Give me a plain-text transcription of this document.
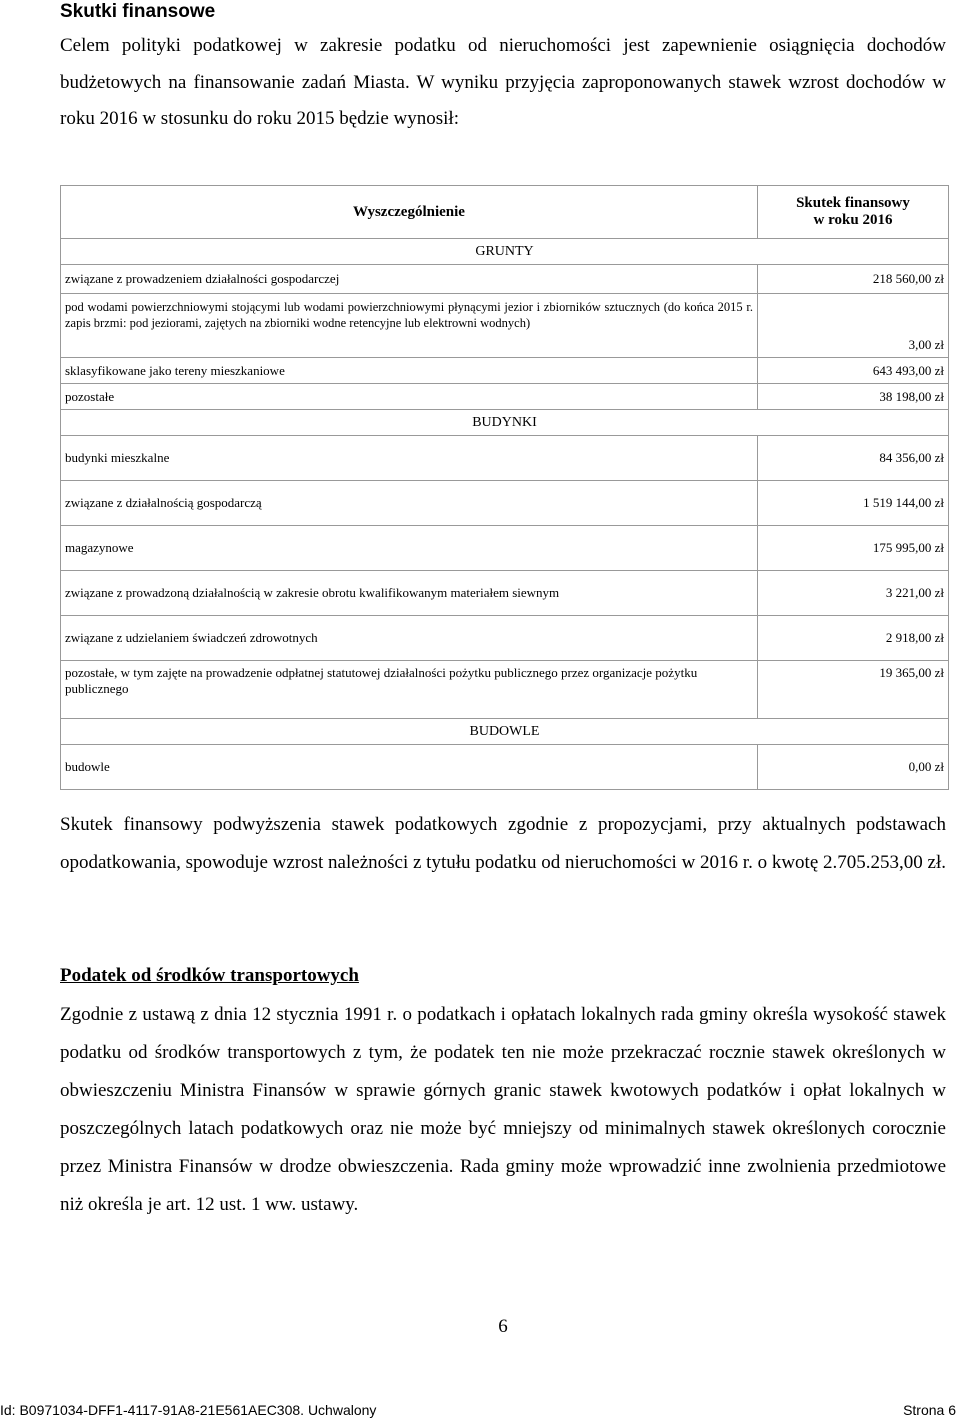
Skutki finansowe
Celem polityki podatkowej w zakresie podatku od nieruchomości jest zapewnienie osiągnięcia dochodów budżetowych na finansowanie zadań Miasta. W wyniku przyjęcia zaproponowanych stawek wzrost dochodów w roku 2016 w stosunku do roku 2015 będzie wynosił:
Wyszczególnienie	Skutek finansowy
w roku 2016
GRUNTY	
związane z prowadzeniem działalności gospodarczej	218 560,00 zł
pod wodami powierzchniowymi stojącymi lub wodami powierzchniowymi płynącymi jezior i zbiorników sztucznych (do końca 2015 r. zapis brzmi: pod jeziorami, zajętych na zbiorniki wodne retencyjne lub elektrowni wodnych)	3,00 zł
sklasyfikowane jako tereny mieszkaniowe	643 493,00 zł
pozostałe	38 198,00 zł
BUDYNKI	
budynki mieszkalne	84 356,00 zł
związane z działalnością gospodarczą	1 519 144,00 zł
magazynowe	175 995,00 zł
związane z prowadzoną działalnością w zakresie obrotu kwalifikowanym materiałem siewnym	3 221,00 zł
związane z udzielaniem świadczeń zdrowotnych	2 918,00 zł
pozostałe, w tym zajęte na prowadzenie odpłatnej statutowej działalności pożytku publicznego przez organizacje pożytku publicznego	19 365,00 zł
BUDOWLE	
budowle	0,00 zł
Skutek finansowy podwyższenia stawek podatkowych zgodnie z propozycjami, przy aktualnych podstawach opodatkowania, spowoduje wzrost należności z tytułu podatku od nieruchomości w 2016 r. o kwotę 2.705.253,00 zł.
Podatek od środków transportowych
Zgodnie z ustawą z dnia 12 stycznia 1991 r. o podatkach i opłatach lokalnych rada gminy określa wysokość stawek podatku od środków transportowych z tym, że podatek ten nie może przekraczać rocznie stawek określonych w obwieszczeniu Ministra Finansów w sprawie górnych granic stawek kwotowych podatków i opłat lokalnych w poszczególnych latach podatkowych oraz nie może być mniejszy od minimalnych stawek określonych corocznie przez Ministra Finansów w drodze obwieszczenia. Rada gminy może wprowadzić inne zwolnienia przedmiotowe niż określa je art. 12 ust. 1 ww. ustawy.
6
Id: B0971034-DFF1-4117-91A8-21E561AEC308. Uchwalony	Strona 6
